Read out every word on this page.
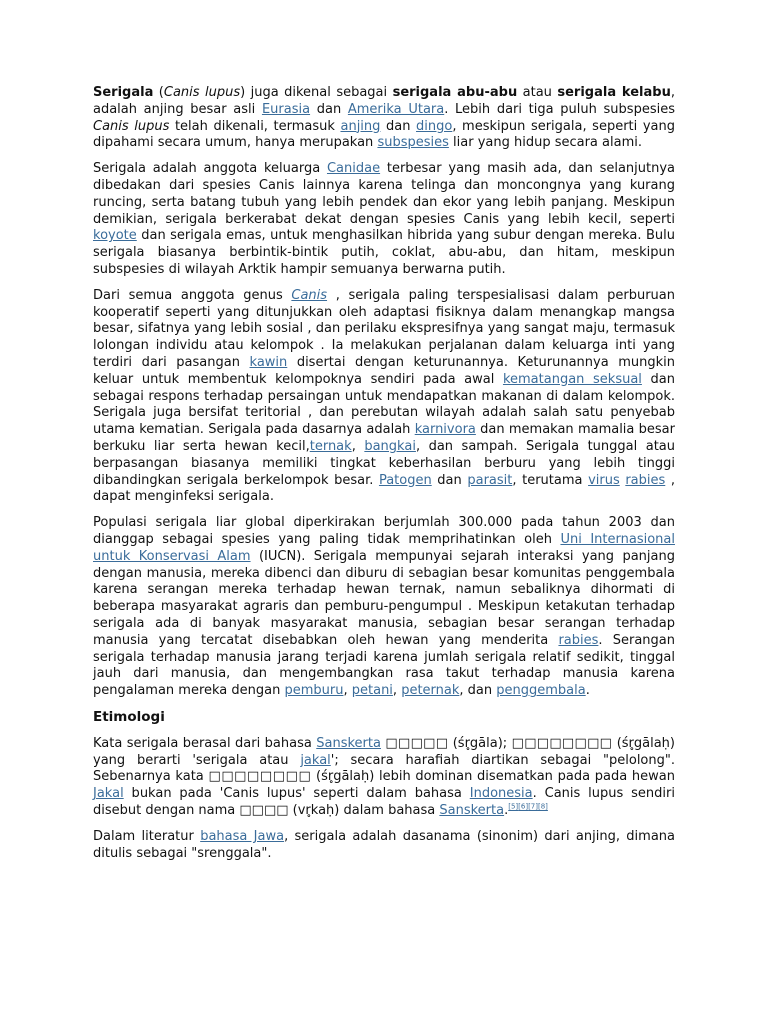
Serigala (Canis lupus) juga dikenal sebagai serigala abu-abu atau serigala kelabu, adalah anjing besar asli Eurasia dan Amerika Utara. Lebih dari tiga puluh subspesies Canis lupus telah dikenali, termasuk anjing dan dingo, meskipun serigala, seperti yang dipahami secara umum, hanya merupakan subspesies liar yang hidup secara alami.

Serigala adalah anggota keluarga Canidae terbesar yang masih ada, dan selanjutnya dibedakan dari spesies Canis lainnya karena telinga dan moncongnya yang kurang runcing, serta batang tubuh yang lebih pendek dan ekor yang lebih panjang. Meskipun demikian, serigala berkerabat dekat dengan spesies Canis yang lebih kecil, seperti koyote dan serigala emas, untuk menghasilkan hibrida yang subur dengan mereka. Bulu serigala biasanya berbintik-bintik putih, coklat, abu-abu, dan hitam, meskipun subspesies di wilayah Arktik hampir semuanya berwarna putih.

Dari semua anggota genus Canis , serigala paling terspesialisasi dalam perburuan kooperatif seperti yang ditunjukkan oleh adaptasi fisiknya dalam menangkap mangsa besar, sifatnya yang lebih sosial , dan perilaku ekspresifnya yang sangat maju, termasuk lolongan individu atau kelompok . Ia melakukan perjalanan dalam keluarga inti yang terdiri dari pasangan kawin disertai dengan keturunannya. Keturunannya mungkin keluar untuk membentuk kelompoknya sendiri pada awal kematangan seksual dan sebagai respons terhadap persaingan untuk mendapatkan makanan di dalam kelompok. Serigala juga bersifat teritorial , dan perebutan wilayah adalah salah satu penyebab utama kematian. Serigala pada dasarnya adalah karnivora dan memakan mamalia besar berkuku liar serta hewan kecil,ternak, bangkai, dan sampah. Serigala tunggal atau berpasangan biasanya memiliki tingkat keberhasilan berburu yang lebih tinggi dibandingkan serigala berkelompok besar. Patogen dan parasit, terutama virus rabies , dapat menginfeksi serigala.

Populasi serigala liar global diperkirakan berjumlah 300.000 pada tahun 2003 dan dianggap sebagai spesies yang paling tidak memprihatinkan oleh Uni Internasional untuk Konservasi Alam (IUCN). Serigala mempunyai sejarah interaksi yang panjang dengan manusia, mereka dibenci dan diburu di sebagian besar komunitas penggembala karena serangan mereka terhadap hewan ternak, namun sebaliknya dihormati di beberapa masyarakat agraris dan pemburu-pengumpul . Meskipun ketakutan terhadap serigala ada di banyak masyarakat manusia, sebagian besar serangan terhadap manusia yang tercatat disebabkan oleh hewan yang menderita rabies. Serangan serigala terhadap manusia jarang terjadi karena jumlah serigala relatif sedikit, tinggal jauh dari manusia, dan mengembangkan rasa takut terhadap manusia karena pengalaman mereka dengan pemburu, petani, peternak, dan penggembala.

Etimologi

Kata serigala berasal dari bahasa Sanskerta □□□□□ (śr̥gāla); □□□□□□□□ (śr̥gālaḥ) yang berarti 'serigala atau jakal'; secara harafiah diartikan sebagai "pelolong". Sebenarnya kata □□□□□□□□ (śr̥gālaḥ) lebih dominan disematkan pada pada hewan Jakal bukan pada 'Canis lupus' seperti dalam bahasa Indonesia. Canis lupus sendiri disebut dengan nama □□□□ (vr̥kaḥ) dalam bahasa Sanskerta.[5][6][7][8]

Dalam literatur bahasa Jawa, serigala adalah dasanama (sinonim) dari anjing, dimana ditulis sebagai "srenggala".
